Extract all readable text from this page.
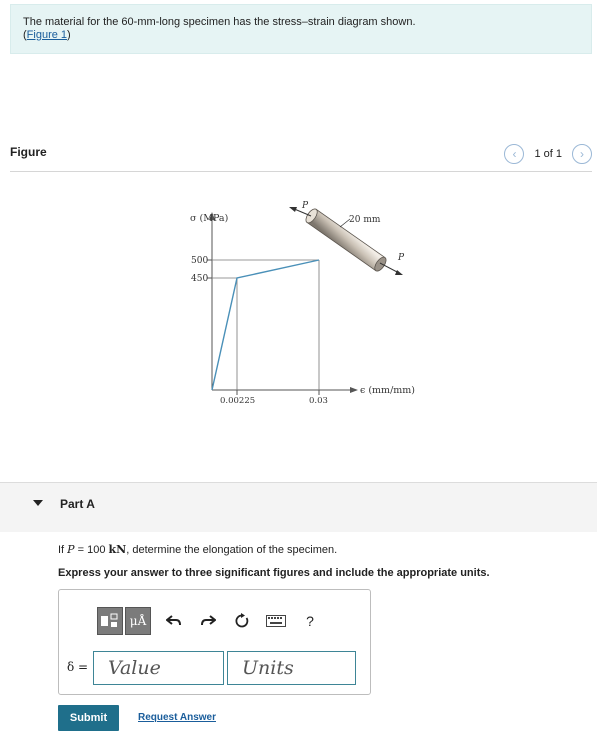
The material for the 60-mm-long specimen has the stress–strain diagram shown.
(Figure 1)
Figure	‹	1 of 1	›
σ (MPa)
500
450
0.00225	0.03
ϵ (mm/mm)
P
P
20 mm
Part A
If P = 100 kN, determine the elongation of the specimen.
Express your answer to three significant figures and include the appropriate units.
μÅ	?
δ =	Value	Units
Submit	Request Answer
